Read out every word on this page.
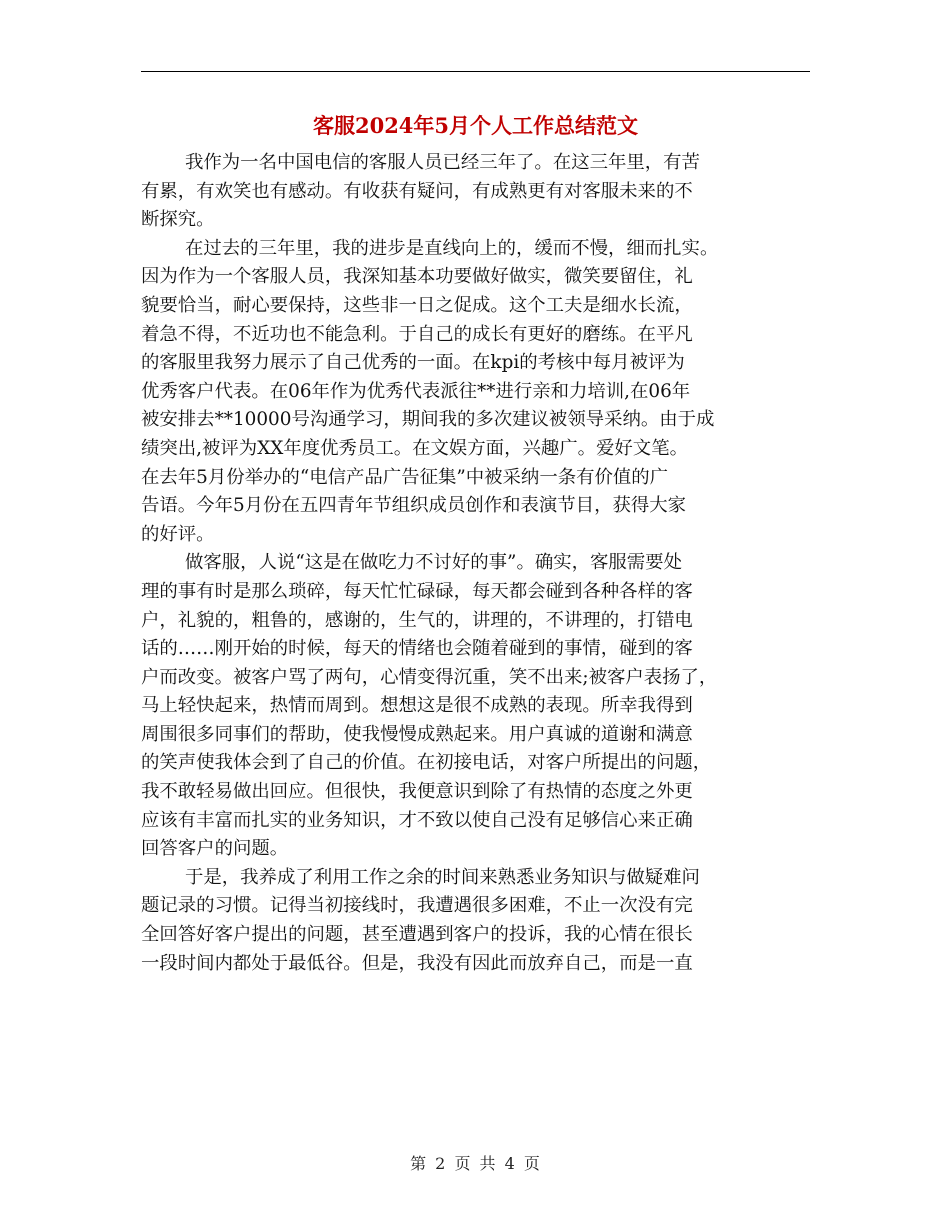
客服2024年5月个人工作总结范文
我作为一名中国电信的客服人员已经三年了。在这三年里，有苦
有累，有欢笑也有感动。有收获有疑问，有成熟更有对客服未来的不
断探究。
在过去的三年里，我的进步是直线向上的，缓而不慢，细而扎实。
因为作为一个客服人员，我深知基本功要做好做实，微笑要留住，礼
貌要恰当，耐心要保持，这些非一日之促成。这个工夫是细水长流，
着急不得，不近功也不能急利。于自己的成长有更好的磨练。在平凡
的客服里我努力展示了自己优秀的一面。在kpi的考核中每月被评为
优秀客户代表。在06年作为优秀代表派往**进行亲和力培训,在06年
被安排去**10000号沟通学习，期间我的多次建议被领导采纳。由于成
绩突出,被评为XX年度优秀员工。在文娱方面，兴趣广。爱好文笔。
在去年5月份举办的“电信产品广告征集”中被采纳一条有价值的广
告语。今年5月份在五四青年节组织成员创作和表演节目，获得大家
的好评。
做客服，人说“这是在做吃力不讨好的事”。确实，客服需要处
理的事有时是那么琐碎，每天忙忙碌碌，每天都会碰到各种各样的客
户，礼貌的，粗鲁的，感谢的，生气的，讲理的，不讲理的，打错电
话的……刚开始的时候，每天的情绪也会随着碰到的事情，碰到的客
户而改变。被客户骂了两句，心情变得沉重，笑不出来;被客户表扬了，
马上轻快起来，热情而周到。想想这是很不成熟的表现。所幸我得到
周围很多同事们的帮助，使我慢慢成熟起来。用户真诚的道谢和满意
的笑声使我体会到了自己的价值。在初接电话，对客户所提出的问题，
我不敢轻易做出回应。但很快，我便意识到除了有热情的态度之外更
应该有丰富而扎实的业务知识，才不致以使自己没有足够信心来正确
回答客户的问题。
于是，我养成了利用工作之余的时间来熟悉业务知识与做疑难问
题记录的习惯。记得当初接线时，我遭遇很多困难，不止一次没有完
全回答好客户提出的问题，甚至遭遇到客户的投诉，我的心情在很长
一段时间内都处于最低谷。但是，我没有因此而放弃自己，而是一直
第 2 页 共 4 页
